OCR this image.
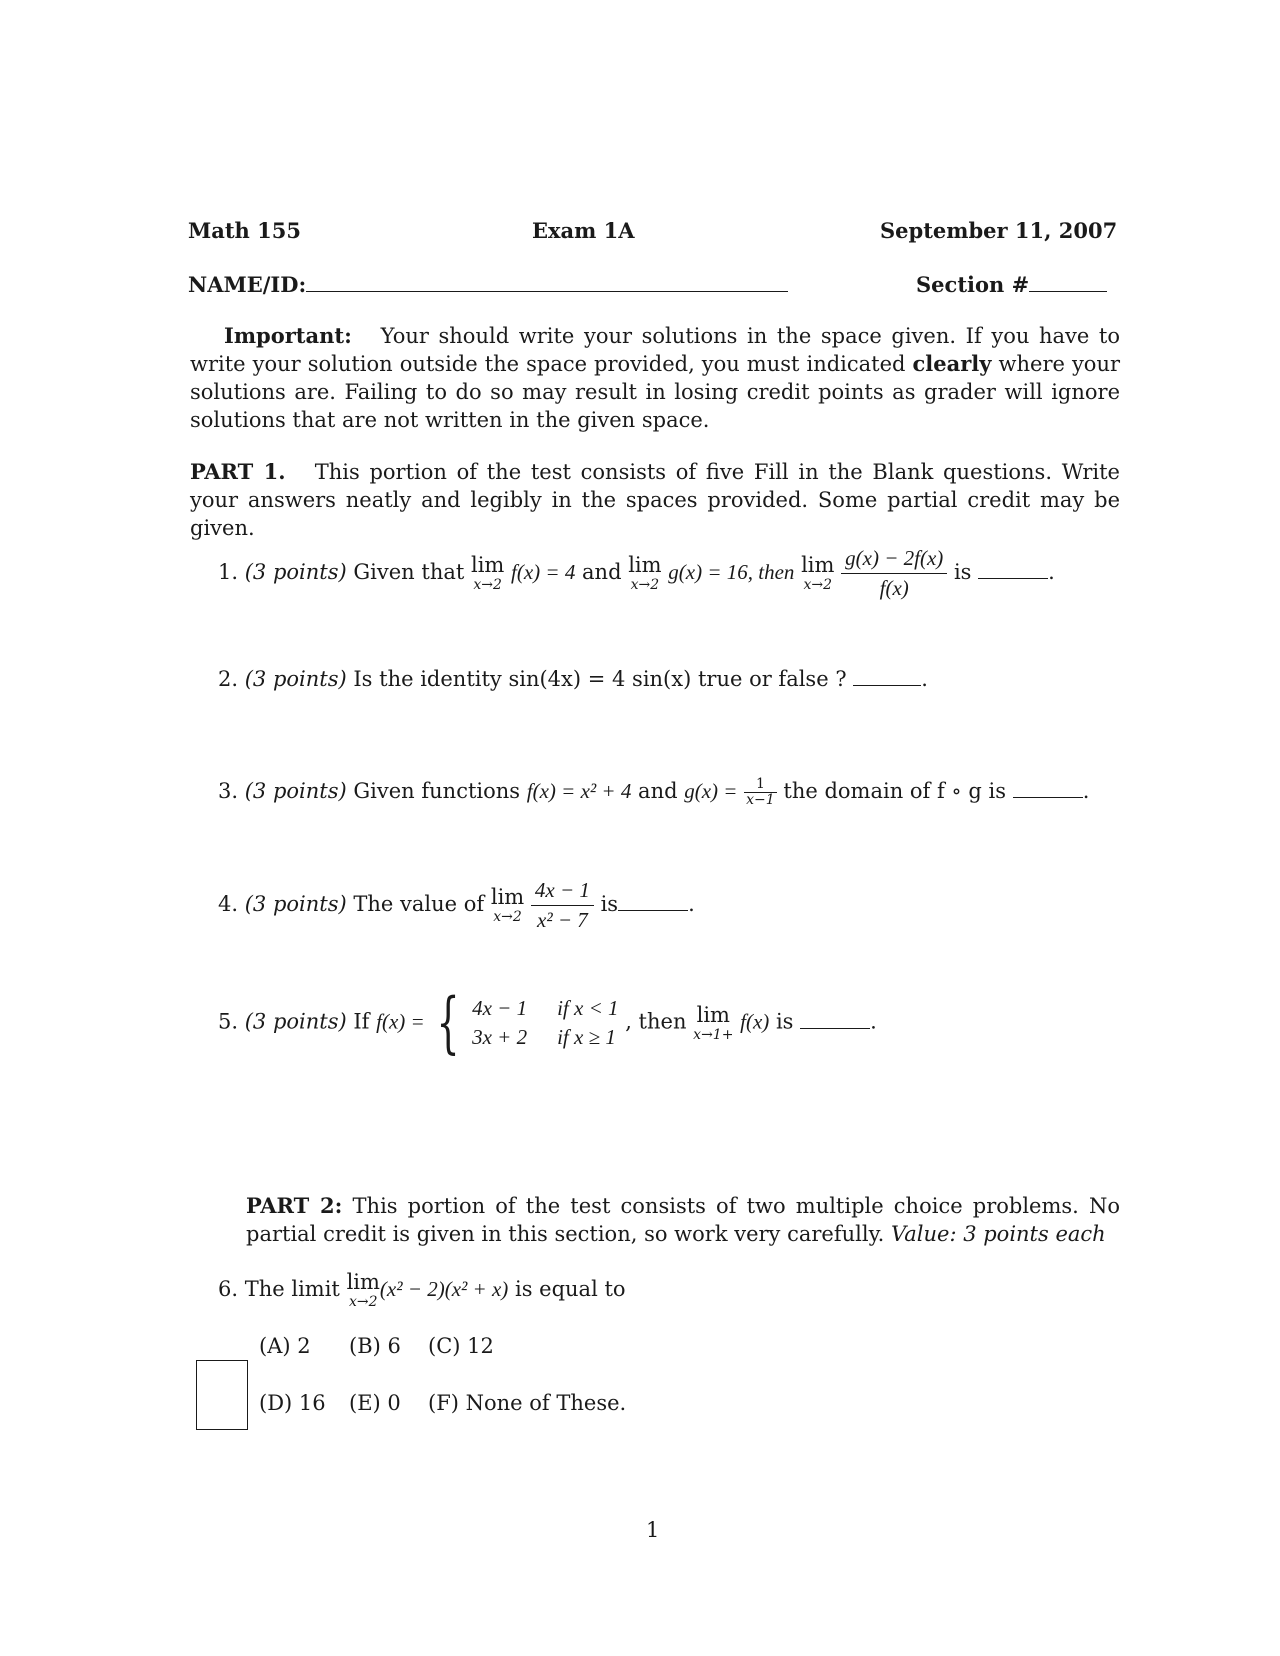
Math 155	Exam 1A	September 11, 2007
NAME/ID:	Section #
Important: Your should write your solutions in the space given. If you have to write your solution outside the space provided, you must indicated clearly where your solutions are. Failing to do so may result in losing credit points as grader will ignore solutions that are not written in the given space.
PART 1. This portion of the test consists of five Fill in the Blank questions. Write your answers neatly and legibly in the spaces provided. Some partial credit may be given.
1. (3 points) Given that lim
x→2
f(x) = 4 and lim
x→2
g(x) = 16, then lim
x→2
$\frac{g(x) - 2f(x)}{f(x)}$ is	.
2. (3 points) Is the identity sin(4x) = 4 sin(x) true or false ?	.
3. (3 points) Given functions f(x) = x² + 4 and $g(x) = \frac{1}{x-1}$ the domain of f ∘ g is	.
4. (3 points) The value of lim
x→2
$\frac{4x - 1}{\text{x² − 7}}$ is	.
5. (3 points) If f(x) = { 4x − 1 if x < 1
3x + 2 if x ≥ 1
, then lim
x→1+
f(x) is	.
PART 2: This portion of the test consists of two multiple choice problems. No partial credit is given in this section, so work very carefully. Value: 3 points each
6. The limit lim
x→2
(x² − 2)(x² + x) is equal to
(A) 2 (B) 6 (C) 12
(D) 16 (E) 0 (F) None of These.
1
